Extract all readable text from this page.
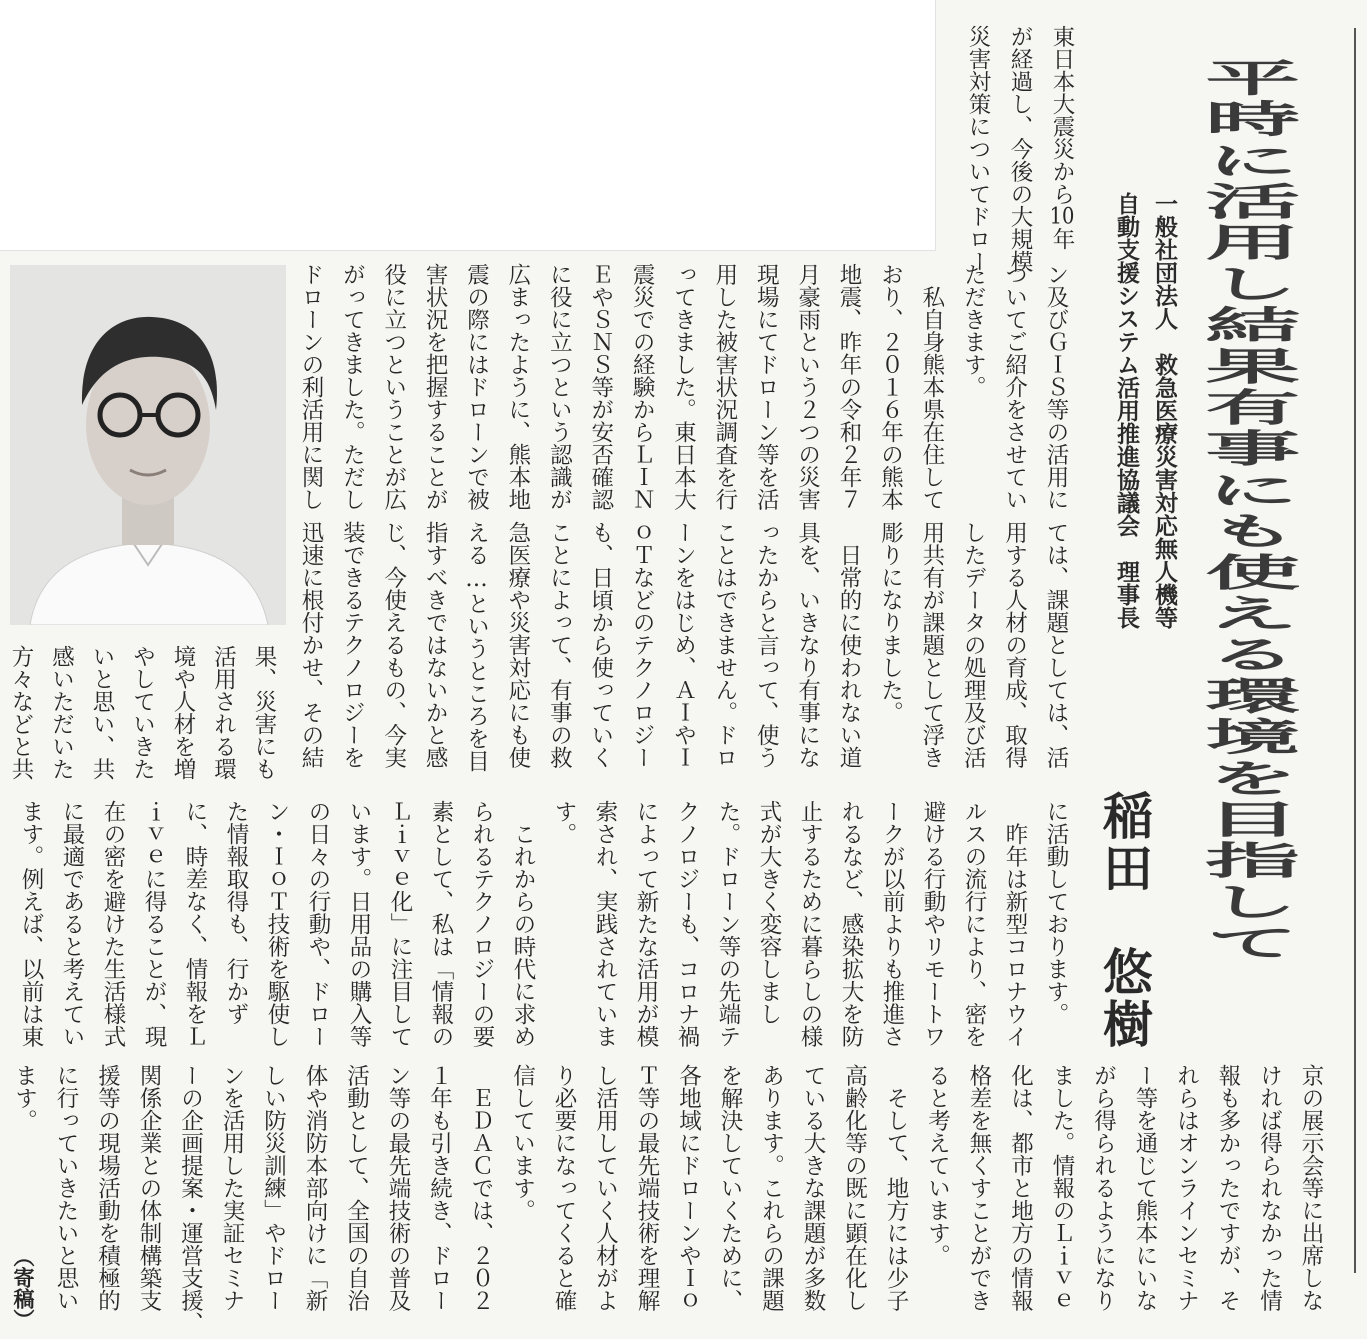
平時に活用し結果有事にも使える環境を目指して
一般社団法人　救急医療災害対応無人機等
自動支援システム活用推進協議会　理事長
稲田　悠樹
東日本大震災から10年
が経過し、今後の大規模
災害対策についてドロー
ン及びＧＩＳ等の活用に
ついてご紹介をさせてい
ただきます。
　私自身熊本県在住して
おり、２０１６年の熊本
地震、昨年の令和２年７
月豪雨という２つの災害
現場にてドローン等を活
用した被害状況調査を行
ってきました。東日本大
震災での経験からＬＩＮ
ＥやＳＮＳ等が安否確認
に役に立つという認識が
広まったように、熊本地
震の際にはドローンで被
害状況を把握することが
役に立つということが広
がってきました。ただし
ドローンの利活用に関し
ては、課題としては、活
用する人材の育成、取得
したデータの処理及び活
用共有が課題として浮き
彫りになりました。
　日常的に使われない道
具を、いきなり有事にな
ったからと言って、使う
ことはできません。ドロ
ーンをはじめ、ＡＩやＩ
ｏＴなどのテクノロジー
も、日頃から使っていく
ことによって、有事の救
急医療や災害対応にも使
える…というところを目
指すべきではないかと感
じ、今使えるもの、今実
装できるテクノロジーを
迅速に根付かせ、その結
果、災害にも
活用される環
境や人材を増
やしていきた
いと思い、共
感いただいた
方々などと共
に活動しております。
　昨年は新型コロナウイ
ルスの流行により、密を
避ける行動やリモートワ
ークが以前よりも推進さ
れるなど、感染拡大を防
止するために暮らしの様
式が大きく変容しまし
た。ドローン等の先端テ
クノロジーも、コロナ禍
によって新たな活用が模
索され、実践されていま
す。
　これからの時代に求め
られるテクノロジーの要
素として、私は「情報の
Ｌｉｖｅ化」に注目して
います。日用品の購入等
の日々の行動や、ドロー
ン・ＩｏＴ技術を駆使し
た情報取得も、行かず
に、時差なく、情報をＬ
ｉｖｅに得ることが、現
在の密を避けた生活様式
に最適であると考えてい
ます。例えば、以前は東
京の展示会等に出席しな
ければ得られなかった情
報も多かったですが、そ
れらはオンラインセミナ
ー等を通じて熊本にいな
がら得られるようになり
ました。情報のＬｉｖｅ
化は、都市と地方の情報
格差を無くすことができ
ると考えています。
　そして、地方には少子
高齢化等の既に顕在化し
ている大きな課題が多数
あります。これらの課題
を解決していくために、
各地域にドローンやＩｏ
Ｔ等の最先端技術を理解
し活用していく人材がよ
り必要になってくると確
信しています。
　ＥＤＡＣでは、２０２
１年も引き続き、ドロー
ン等の最先端技術の普及
活動として、全国の自治
体や消防本部向けに「新
しい防災訓練」やドロー
ンを活用した実証セミナ
ーの企画提案・運営支援、
関係企業との体制構築支
援等の現場活動を積極的
に行っていきたいと思い
ます。
（寄稿）
